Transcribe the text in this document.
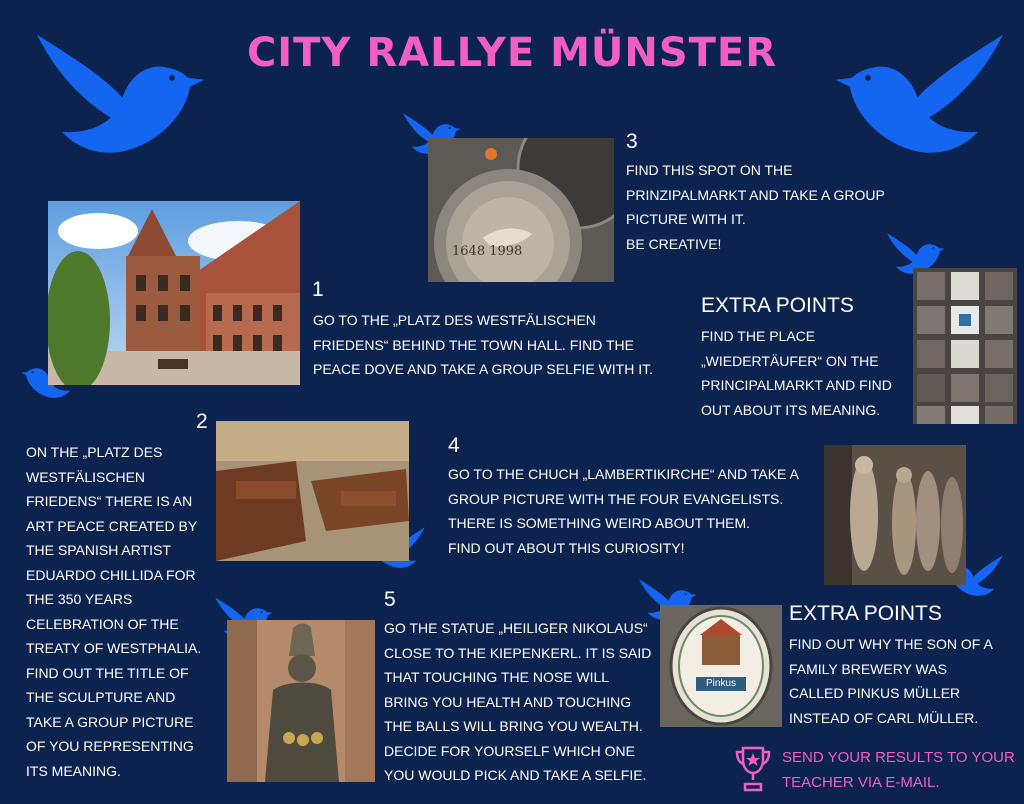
CITY RALLYE MÜNSTER
1648 1998
Pinkus
1
2
3
4
5
GO TO THE „PLATZ DES WESTFÄLISCHEN
FRIEDENS“ BEHIND THE TOWN HALL. FIND THE
PEACE DOVE AND TAKE A GROUP SELFIE WITH IT.
ON THE „PLATZ DES
WESTFÄLISCHEN
FRIEDENS“ THERE IS AN
ART PEACE CREATED BY
THE SPANISH ARTIST
EDUARDO CHILLIDA FOR
THE 350 YEARS
CELEBRATION OF THE
TREATY OF WESTPHALIA.
FIND OUT THE TITLE OF
THE SCULPTURE AND
TAKE A GROUP PICTURE
OF YOU REPRESENTING
ITS MEANING.
FIND THIS SPOT ON THE
PRINZIPALMARKT AND TAKE A GROUP
PICTURE WITH IT.
BE CREATIVE!
GO TO THE CHUCH „LAMBERTIKIRCHE“ AND TAKE A
GROUP PICTURE WITH THE FOUR EVANGELISTS.
THERE IS SOMETHING WEIRD ABOUT THEM.
FIND OUT ABOUT THIS CURIOSITY!
GO THE STATUE „HEILIGER NIKOLAUS“
CLOSE TO THE KIEPENKERL. IT IS SAID
THAT TOUCHING THE NOSE WILL
BRING YOU HEALTH AND TOUCHING
THE BALLS WILL BRING YOU WEALTH.
DECIDE FOR YOURSELF WHICH ONE
YOU WOULD PICK AND TAKE A SELFIE.
EXTRA POINTS
FIND THE PLACE
„WIEDERTÄUFER“ ON THE
PRINCIPALMARKT AND FIND
OUT ABOUT ITS MEANING.
EXTRA POINTS
FIND OUT WHY THE SON OF A
FAMILY BREWERY WAS
CALLED PINKUS MÜLLER
INSTEAD OF CARL MÜLLER.
SEND YOUR RESULTS TO YOUR
TEACHER VIA E-MAIL.
